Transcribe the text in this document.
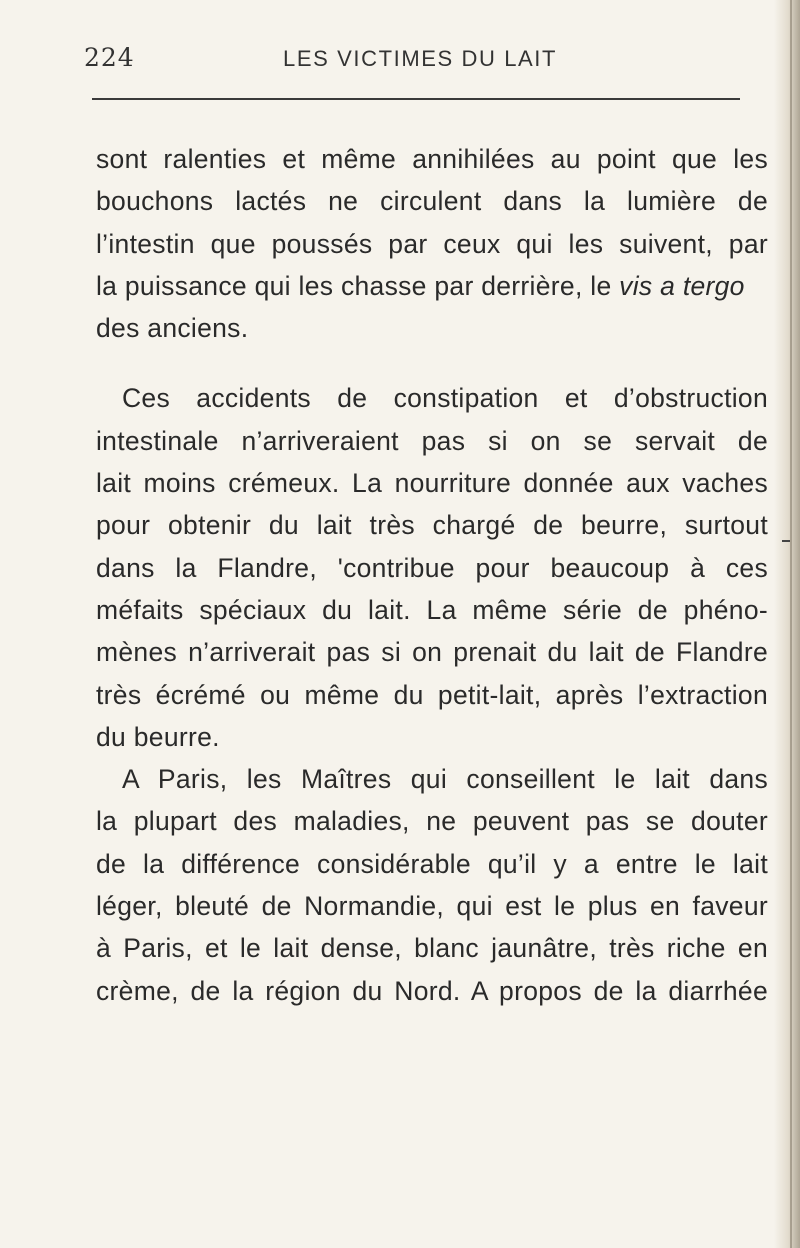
224	LES VICTIMES DU LAIT
sont ralenties et même annihilées au point que les
bouchons lactés ne circulent dans la lumière de
l’intestin que poussés par ceux qui les suivent, par
la puissance qui les chasse par derrière, le vis a tergo
des anciens.
Ces accidents de constipation et d’obstruction
intestinale n’arriveraient pas si on se servait de
lait moins crémeux. La nourriture donnée aux vaches
pour obtenir du lait très chargé de beurre, surtout
dans la Flandre, 'contribue pour beaucoup à ces
méfaits spéciaux du lait. La même série de phéno-
mènes n’arriverait pas si on prenait du lait de Flandre
très écrémé ou même du petit-lait, après l’extraction
du beurre.
A Paris, les Maîtres qui conseillent le lait dans
la plupart des maladies, ne peuvent pas se douter
de la différence considérable qu’il y a entre le lait
léger, bleuté de Normandie, qui est le plus en faveur
à Paris, et le lait dense, blanc jaunâtre, très riche en
crème, de la région du Nord. A propos de la diarrhée
